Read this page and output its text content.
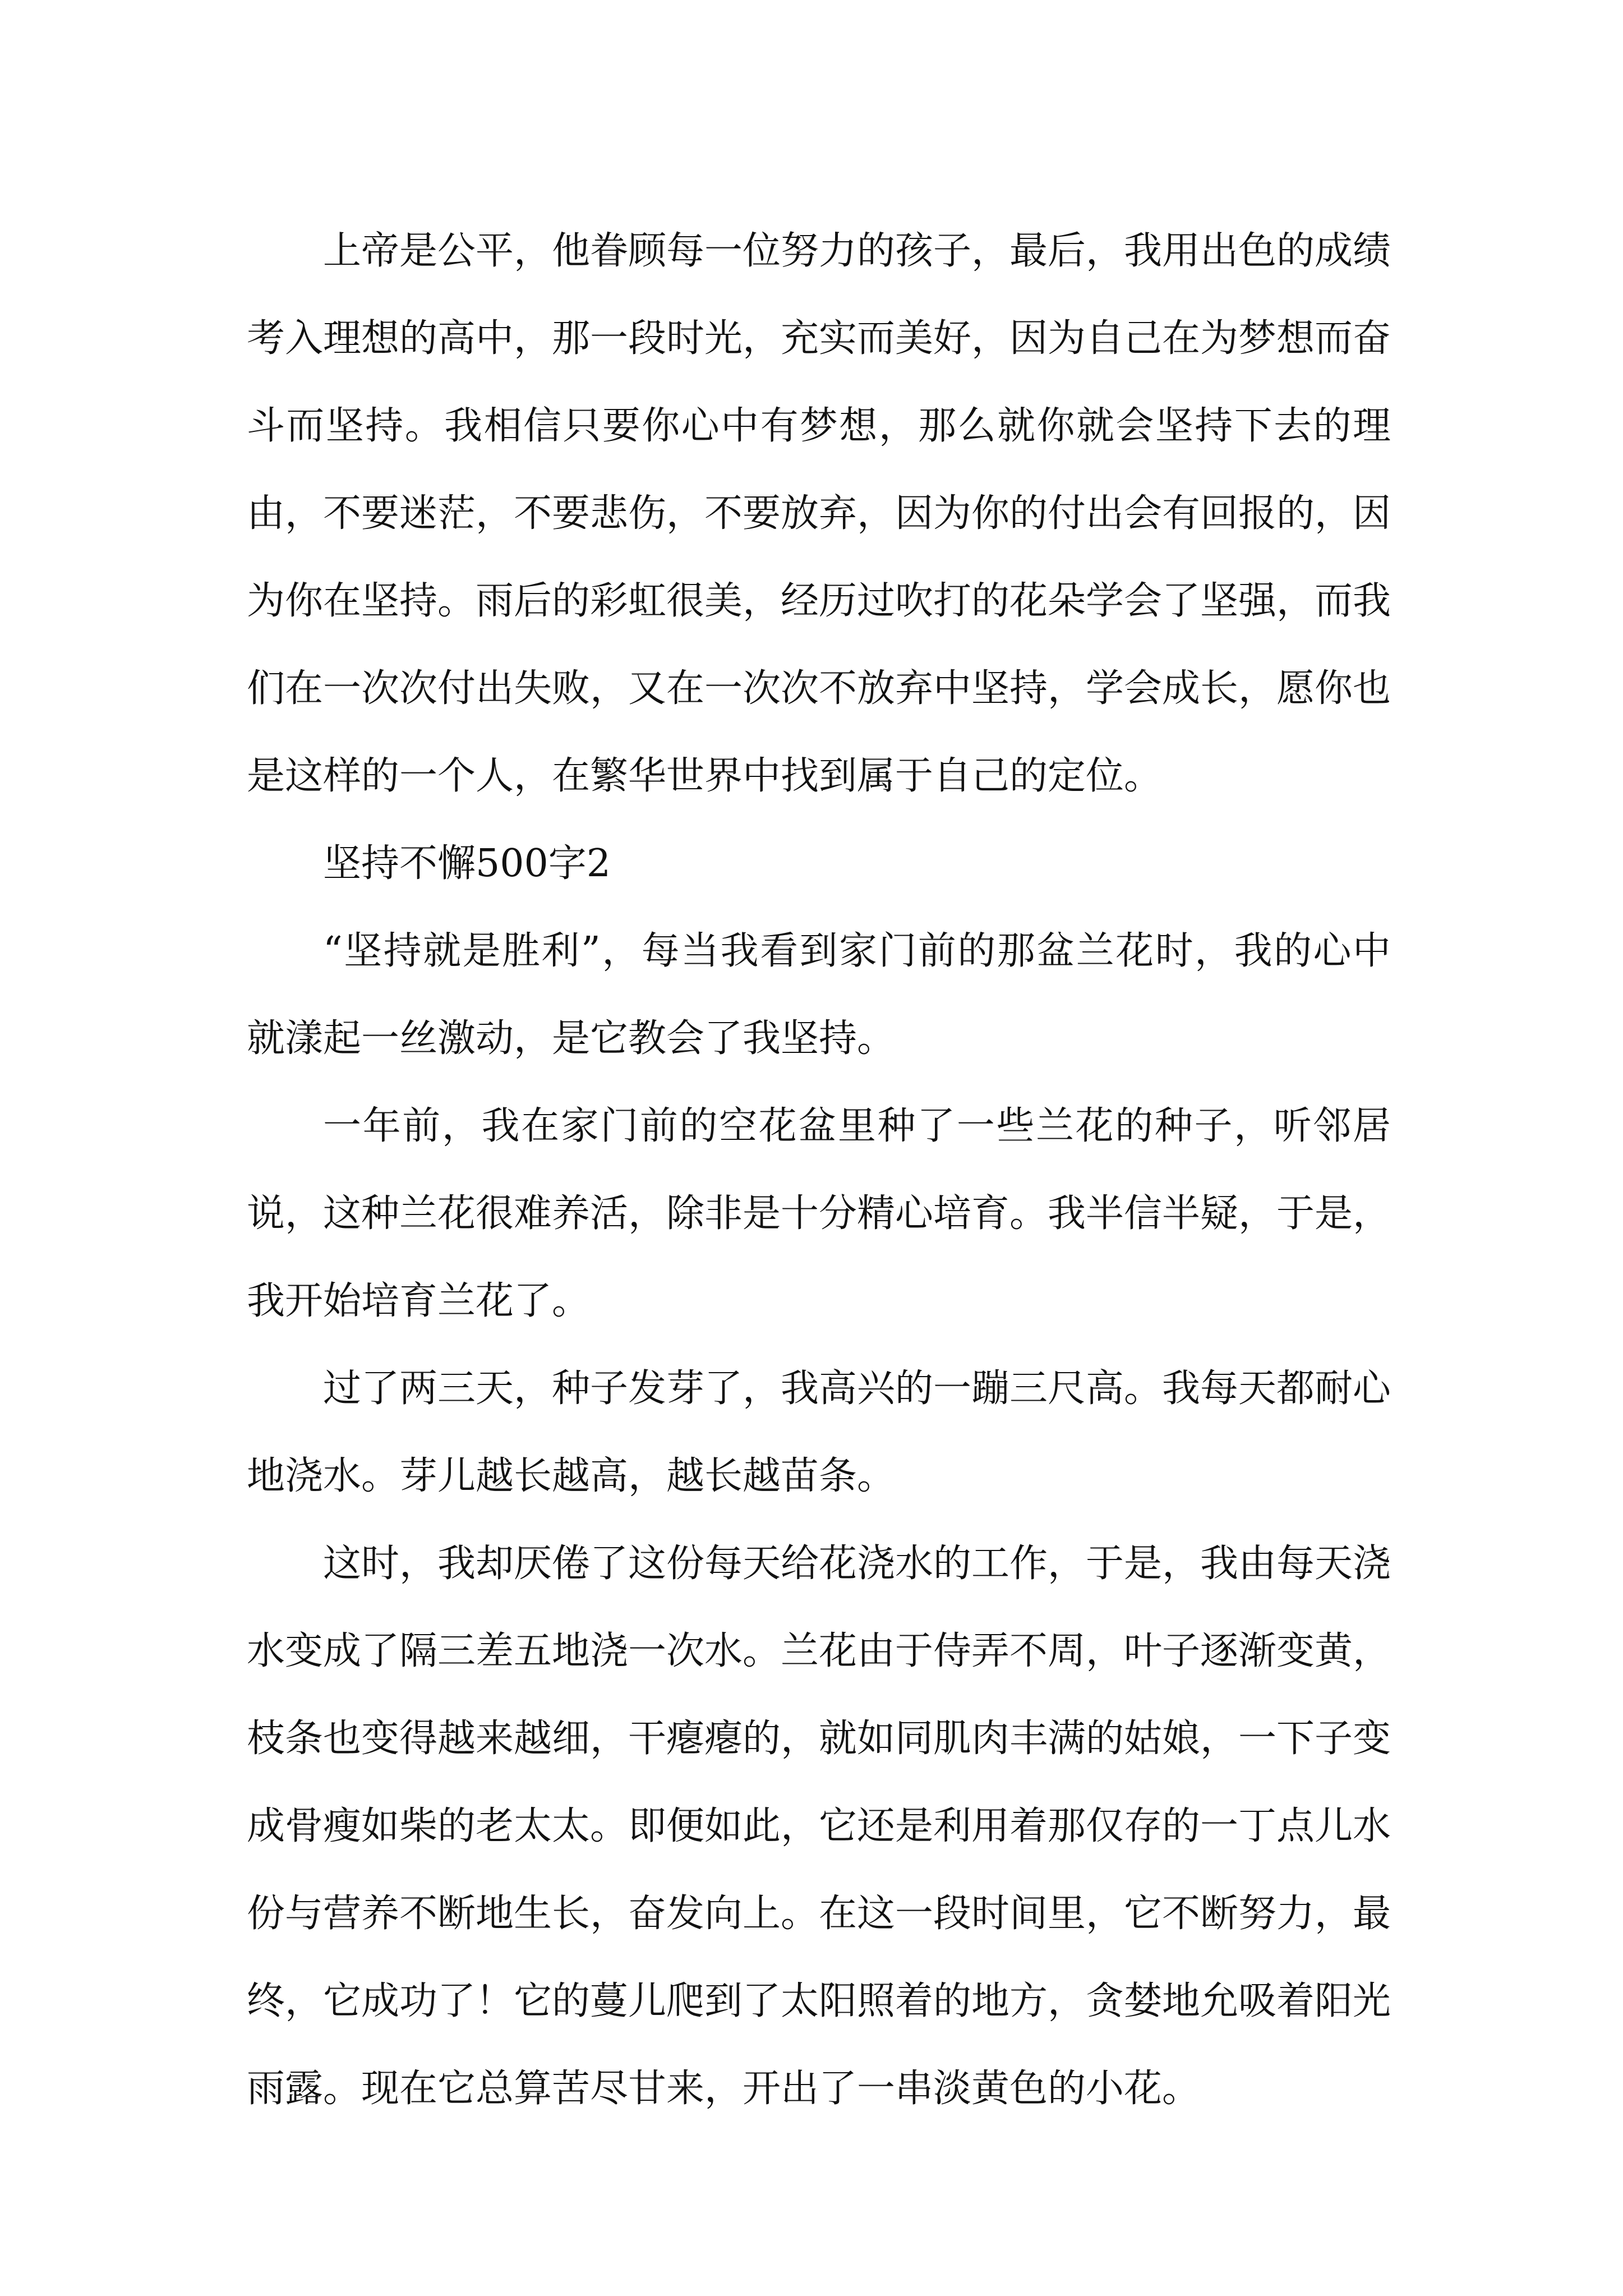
上帝是公平，他眷顾每一位努力的孩子，最后，我用出色的成绩考入理想的高中，那一段时光，充实而美好，因为自己在为梦想而奋斗而坚持。我相信只要你心中有梦想，那么就你就会坚持下去的理由，不要迷茫，不要悲伤，不要放弃，因为你的付出会有回报的，因为你在坚持。雨后的彩虹很美，经历过吹打的花朵学会了坚强，而我们在一次次付出失败，又在一次次不放弃中坚持，学会成长，愿你也是这样的一个人，在繁华世界中找到属于自己的定位。

坚持不懈500字2

“坚持就是胜利”，每当我看到家门前的那盆兰花时，我的心中就漾起一丝激动，是它教会了我坚持。

一年前，我在家门前的空花盆里种了一些兰花的种子，听邻居说，这种兰花很难养活，除非是十分精心培育。我半信半疑，于是，我开始培育兰花了。

过了两三天，种子发芽了，我高兴的一蹦三尺高。我每天都耐心地浇水。芽儿越长越高，越长越苗条。

这时，我却厌倦了这份每天给花浇水的工作，于是，我由每天浇水变成了隔三差五地浇一次水。兰花由于侍弄不周，叶子逐渐变黄，枝条也变得越来越细，干瘪瘪的，就如同肌肉丰满的姑娘，一下子变成骨瘦如柴的老太太。即便如此，它还是利用着那仅存的一丁点儿水份与营养不断地生长，奋发向上。在这一段时间里，它不断努力，最终，它成功了！它的蔓儿爬到了太阳照着的地方，贪婪地允吸着阳光雨露。现在它总算苦尽甘来，开出了一串淡黄色的小花。
